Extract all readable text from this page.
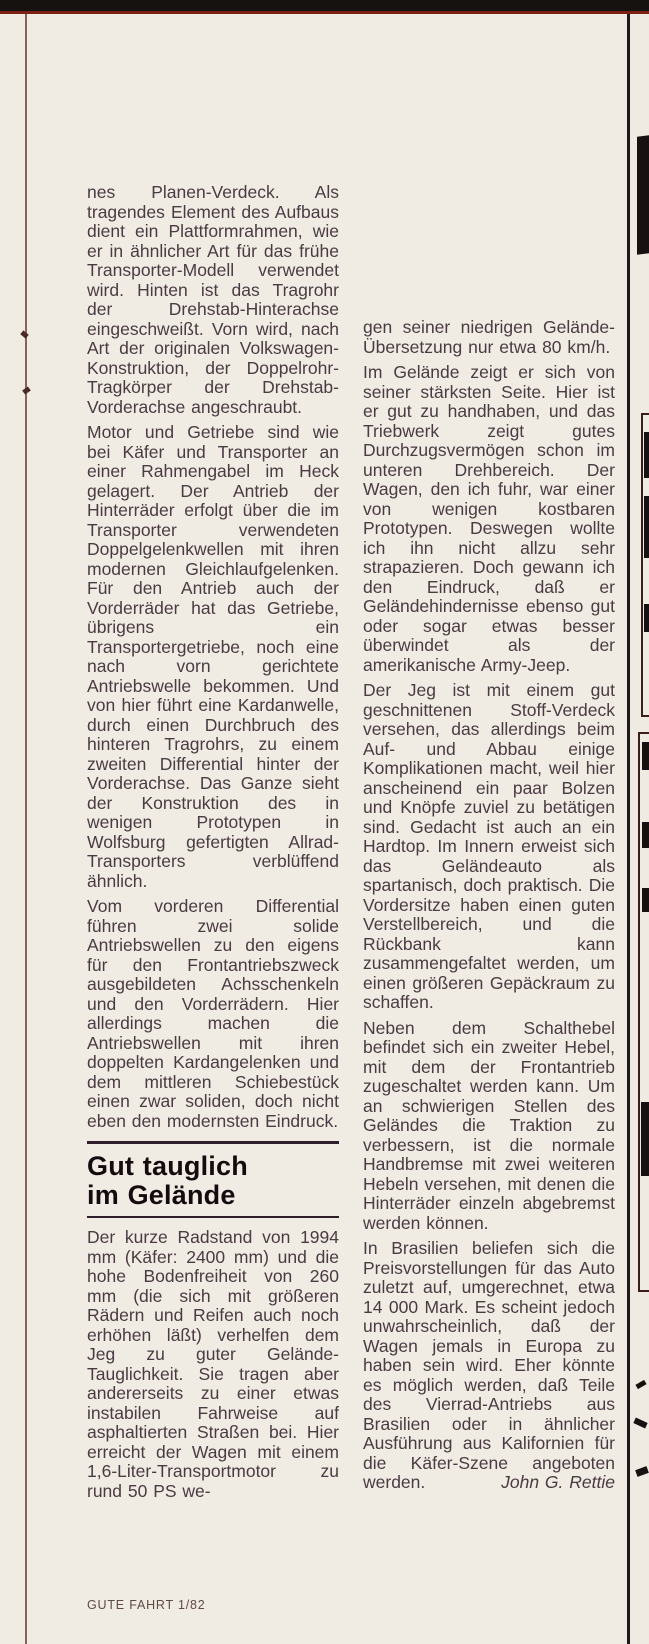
nes Planen-Verdeck. Als tragendes Element des Aufbaus dient ein Plattformrahmen, wie er in ähnlicher Art für das frühe Transporter-Modell verwendet wird. Hinten ist das Tragrohr der Drehstab-Hinterachse eingeschweißt. Vorn wird, nach Art der originalen Volkswagen-Konstruktion, der Doppelrohr-Tragkörper der Drehstab-Vorderachse angeschraubt.

Motor und Getriebe sind wie bei Käfer und Transporter an einer Rahmengabel im Heck gelagert. Der Antrieb der Hinterräder erfolgt über die im Transporter verwendeten Doppelgelenkwellen mit ihren modernen Gleichlaufgelenken. Für den Antrieb auch der Vorderräder hat das Getriebe, übrigens ein Transportergetriebe, noch eine nach vorn gerichtete Antriebswelle bekommen. Und von hier führt eine Kardanwelle, durch einen Durchbruch des hinteren Tragrohrs, zu einem zweiten Differential hinter der Vorderachse. Das Ganze sieht der Konstruktion des in wenigen Prototypen in Wolfsburg gefertigten Allrad-Transporters verblüffend ähnlich.

Vom vorderen Differential führen zwei solide Antriebswellen zu den eigens für den Frontantriebszweck ausgebildeten Achsschenkeln und den Vorderrädern. Hier allerdings machen die Antriebswellen mit ihren doppelten Kardangelenken und dem mittleren Schiebestück einen zwar soliden, doch nicht eben den modernsten Eindruck.

Gut tauglich
im Gelände

Der kurze Radstand von 1994 mm (Käfer: 2400 mm) und die hohe Bodenfreiheit von 260 mm (die sich mit größeren Rädern und Reifen auch noch erhöhen läßt) verhelfen dem Jeg zu guter Gelände-Tauglichkeit. Sie tragen aber andererseits zu einer etwas instabilen Fahrweise auf asphaltierten Straßen bei. Hier erreicht der Wagen mit einem 1,6-Liter-Transportmotor zu rund 50 PS we-

gen seiner niedrigen Gelände-Übersetzung nur etwa 80 km/h.

Im Gelände zeigt er sich von seiner stärksten Seite. Hier ist er gut zu handhaben, und das Triebwerk zeigt gutes Durchzugsvermögen schon im unteren Drehbereich. Der Wagen, den ich fuhr, war einer von wenigen kostbaren Prototypen. Deswegen wollte ich ihn nicht allzu sehr strapazieren. Doch gewann ich den Eindruck, daß er Geländehindernisse ebenso gut oder sogar etwas besser überwindet als der amerikanische Army-Jeep.

Der Jeg ist mit einem gut geschnittenen Stoff-Verdeck versehen, das allerdings beim Auf- und Abbau einige Komplikationen macht, weil hier anscheinend ein paar Bolzen und Knöpfe zuviel zu betätigen sind. Gedacht ist auch an ein Hardtop. Im Innern erweist sich das Geländeauto als spartanisch, doch praktisch. Die Vordersitze haben einen guten Verstellbereich, und die Rückbank kann zusammengefaltet werden, um einen größeren Gepäckraum zu schaffen.

Neben dem Schalthebel befindet sich ein zweiter Hebel, mit dem der Frontantrieb zugeschaltet werden kann. Um an schwierigen Stellen des Geländes die Traktion zu verbessern, ist die normale Handbremse mit zwei weiteren Hebeln versehen, mit denen die Hinterräder einzeln abgebremst werden können.

In Brasilien beliefen sich die Preisvorstellungen für das Auto zuletzt auf, umgerechnet, etwa 14 000 Mark. Es scheint jedoch unwahrscheinlich, daß der Wagen jemals in Europa zu haben sein wird. Eher könnte es möglich werden, daß Teile des Vierrad-Antriebs aus Brasilien oder in ähnlicher Ausführung aus Kalifornien für die Käfer-Szene angeboten werden.	John G. Rettie

GUTE FAHRT 1/82
